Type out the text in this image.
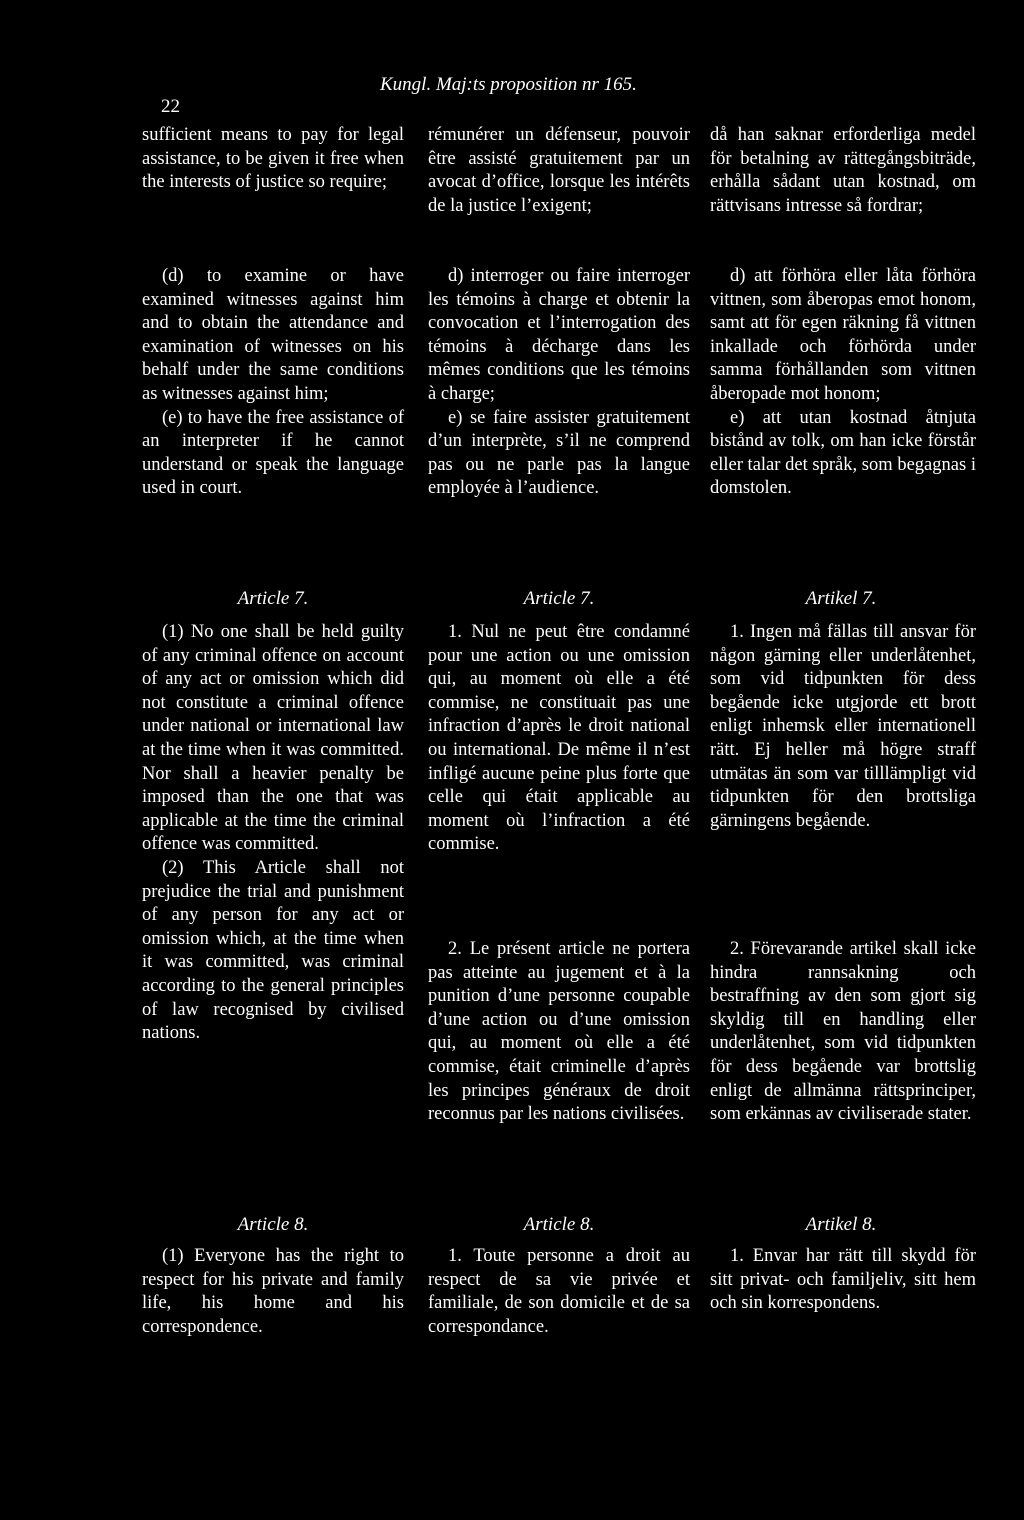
22

Kungl. Maj:ts proposition nr 165.

sufficient means to pay for legal assistance, to be given it free when the interests of justice so require;

(d) to examine or have examined witnesses against him and to obtain the attendance and examination of witnesses on his behalf under the same conditions as witnesses against him;

(e) to have the free assistance of an interpreter if he cannot understand or speak the language used in court.

Article 7.

(1) No one shall be held guilty of any criminal offence on account of any act or omission which did not constitute a criminal offence under national or international law at the time when it was committed. Nor shall a heavier penalty be imposed than the one that was applicable at the time the criminal offence was committed.

(2) This Article shall not prejudice the trial and punishment of any person for any act or omission which, at the time when it was committed, was criminal according to the general principles of law recognised by civilised nations.

Article 8.

(1) Everyone has the right to respect for his private and family life, his home and his correspondence.

rémunérer un défenseur, pouvoir être assisté gratuitement par un avocat d’office, lorsque les intérêts de la justice l’exigent;

d) interroger ou faire interroger les témoins à charge et obtenir la convocation et l’interrogation des témoins à décharge dans les mêmes conditions que les témoins à charge;

e) se faire assister gratuitement d’un interprète, s’il ne comprend pas ou ne parle pas la langue employée à l’audience.

Article 7.

1. Nul ne peut être condamné pour une action ou une omission qui, au moment où elle a été commise, ne constituait pas une infraction d’après le droit national ou international. De même il n’est infligé aucune peine plus forte que celle qui était applicable au moment où l’infraction a été commise.

2. Le présent article ne portera pas atteinte au jugement et à la punition d’une personne coupable d’une action ou d’une omission qui, au moment où elle a été commise, était criminelle d’après les principes généraux de droit reconnus par les nations civilisées.

Article 8.

1. Toute personne a droit au respect de sa vie privée et familiale, de son domicile et de sa correspondance.

då han saknar erforderliga medel för betalning av rättegångsbiträde, erhålla sådant utan kostnad, om rättvisans intresse så fordrar;

d) att förhöra eller låta förhöra vittnen, som åberopas emot honom, samt att för egen räkning få vittnen inkallade och förhörda under samma förhållanden som vittnen åberopade mot honom;

e) att utan kostnad åtnjuta bistånd av tolk, om han icke förstår eller talar det språk, som begagnas i domstolen.

Artikel 7.

1. Ingen må fällas till ansvar för någon gärning eller underlåtenhet, som vid tidpunkten för dess begående icke utgjorde ett brott enligt inhemsk eller internationell rätt. Ej heller må högre straff utmätas än som var tilllämpligt vid tidpunkten för den brottsliga gärningens begående.

2. Förevarande artikel skall icke hindra rannsakning och bestraffning av den som gjort sig skyldig till en handling eller underlåtenhet, som vid tidpunkten för dess begående var brottslig enligt de allmänna rättsprinciper, som erkännas av civiliserade stater.

Artikel 8.

1. Envar har rätt till skydd för sitt privat- och familjeliv, sitt hem och sin korrespondens.
